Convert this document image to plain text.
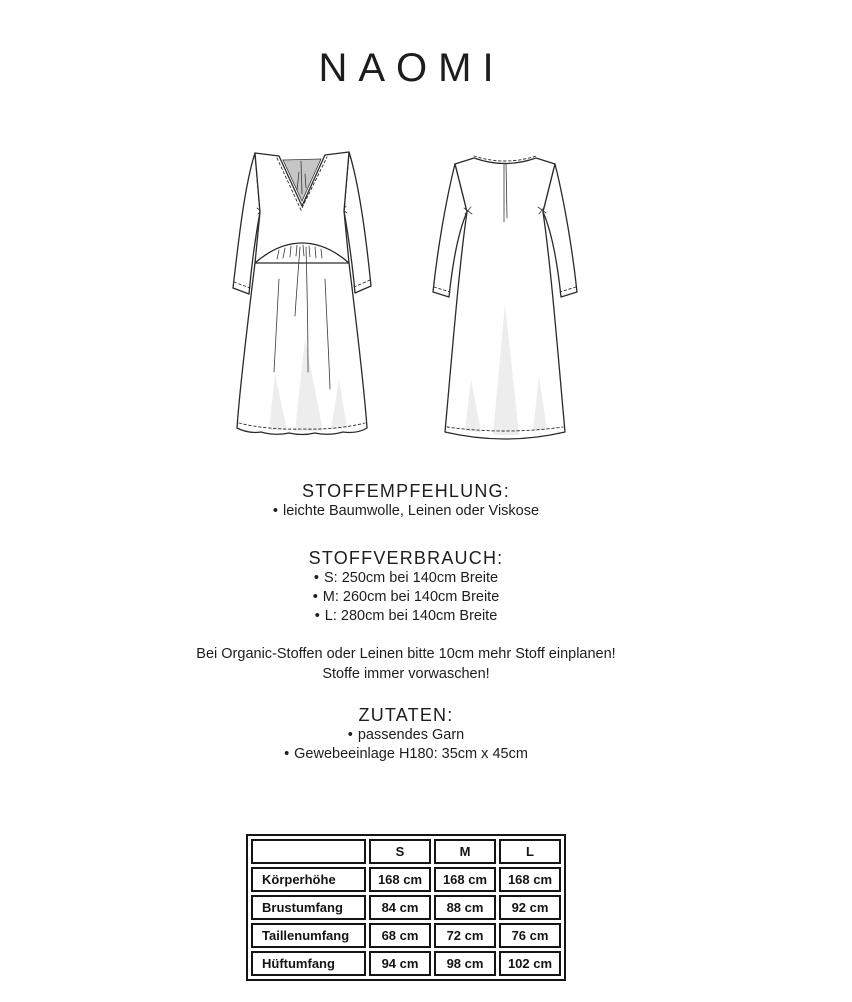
NAOMI
STOFFEMPFEHLUNG:
• leichte Baumwolle, Leinen oder Viskose
STOFFVERBRAUCH:
• S: 250cm bei 140cm Breite
• M: 260cm bei 140cm Breite
• L: 280cm bei 140cm Breite
Bei Organic-Stoffen oder Leinen bitte 10cm mehr Stoff einplanen!
Stoffe immer vorwaschen!
ZUTATEN:
• passendes Garn
• Gewebeeinlage H180: 35cm x 45cm
	S	M	L
Körperhöhe	168 cm	168 cm	168 cm
Brustumfang	84 cm	88 cm	92 cm
Taillenumfang	68 cm	72 cm	76 cm
Hüftumfang	94 cm	98 cm	102 cm
